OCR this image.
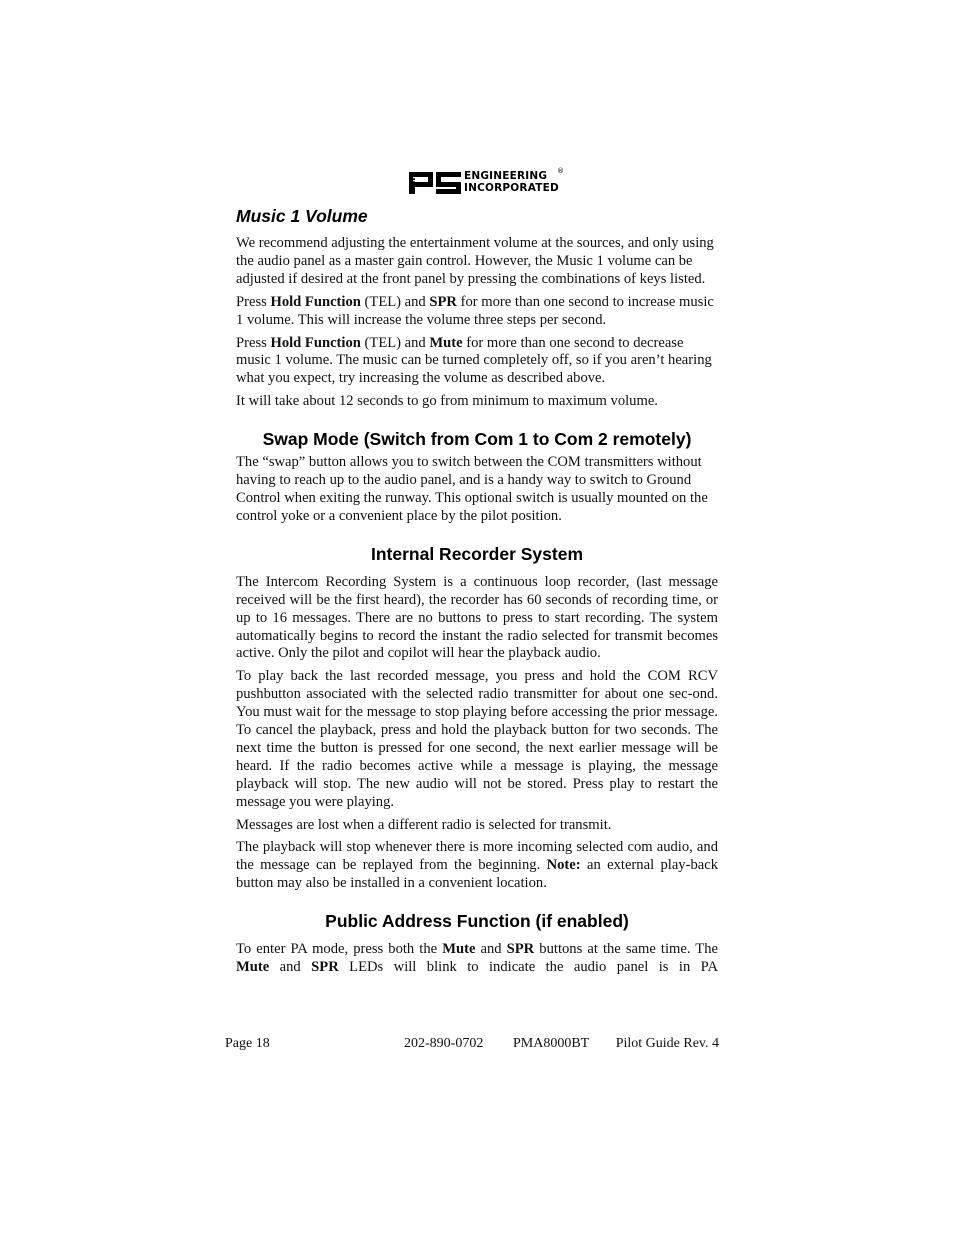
ENGINEERING
INCORPORATED
®
Music 1 Volume

We recommend adjusting the entertainment volume at the sources, and only using the audio panel as a master gain control. However, the Music 1 volume can be adjusted if desired at the front panel by pressing the combinations of keys listed.

Press Hold Function (TEL) and SPR for more than one second to increase music 1 volume. This will increase the volume three steps per second.

Press Hold Function (TEL) and Mute for more than one second to decrease music 1 volume. The music can be turned completely off, so if you aren’t hearing what you expect, try increasing the volume as described above.

It will take about 12 seconds to go from minimum to maximum volume.

Swap Mode (Switch from Com 1 to Com 2 remotely)

The “swap” button allows you to switch between the COM transmitters without having to reach up to the audio panel, and is a handy way to switch to Ground Control when exiting the runway. This optional switch is usually mounted on the control yoke or a convenient place by the pilot position.

Internal Recorder System

The Intercom Recording System is a continuous loop recorder, (last message received will be the first heard), the recorder has 60 seconds of recording time, or up to 16 messages. There are no buttons to press to start recording. The system automatically begins to record the instant the radio selected for transmit becomes active. Only the pilot and copilot will hear the playback audio.

To play back the last recorded message, you press and hold the COM RCV pushbutton associated with the selected radio transmitter for about one sec-ond. You must wait for the message to stop playing before accessing the prior message. To cancel the playback, press and hold the playback button for two seconds. The next time the button is pressed for one second, the next earlier message will be heard. If the radio becomes active while a message is playing, the message playback will stop. The new audio will not be stored. Press play to restart the message you were playing.

Messages are lost when a different radio is selected for transmit.

The playback will stop whenever there is more incoming selected com audio, and the message can be replayed from the beginning. Note: an external play-back button may also be installed in a convenient location.

Public Address Function (if enabled)

To enter PA mode, press both the Mute and SPR buttons at the same time. The Mute and SPR LEDs will blink to indicate the audio panel is in PA

Page 18	202-890-0702 PMA8000BT Pilot Guide Rev. 4
